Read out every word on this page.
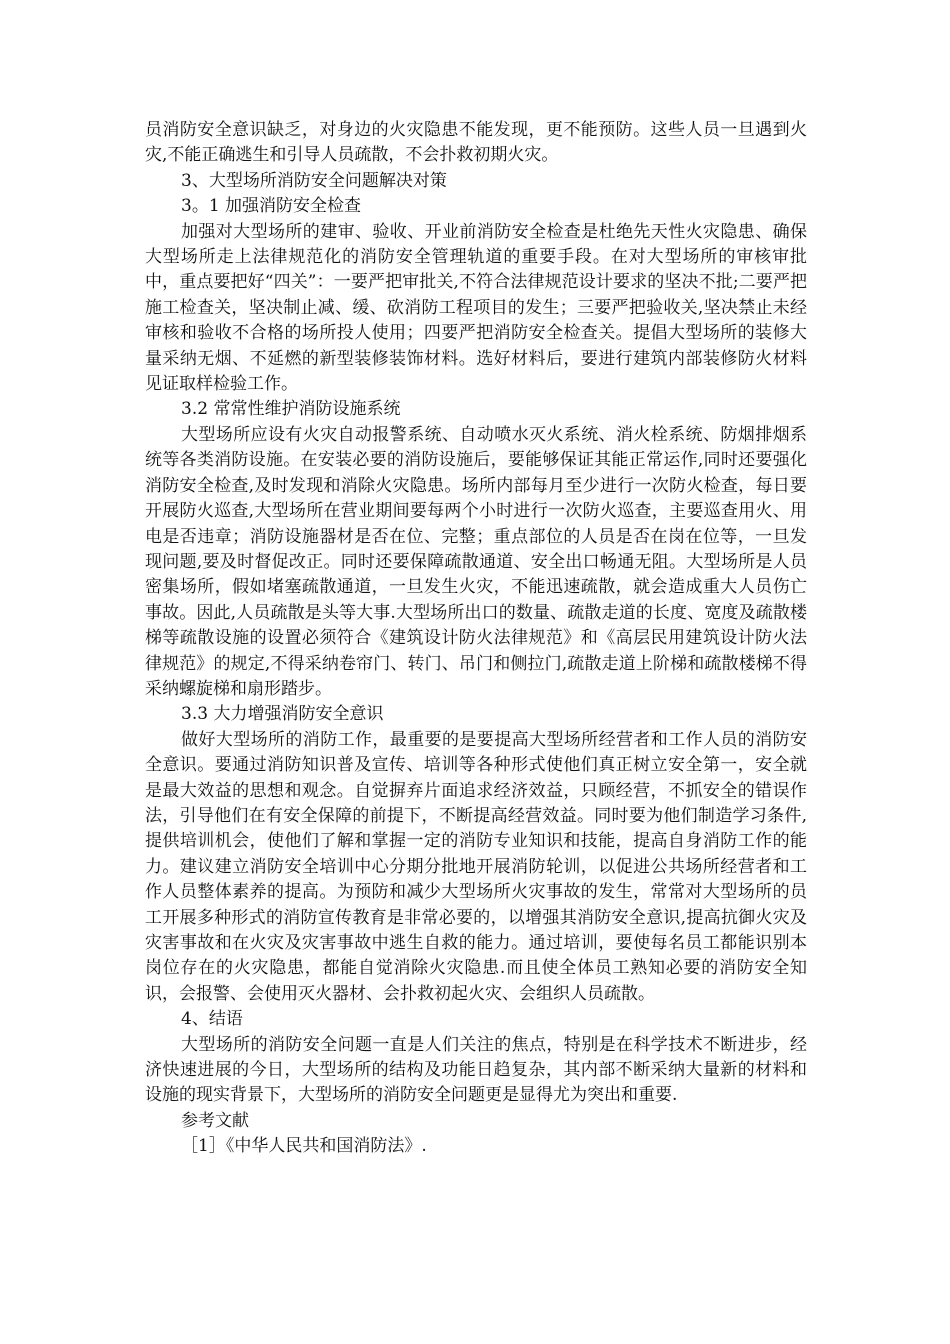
员消防安全意识缺乏，对身边的火灾隐患不能发现，更不能预防。这些人员一旦遇到火灾,不能正确逃生和引导人员疏散，不会扑救初期火灾。

3、大型场所消防安全问题解决对策

3。1 加强消防安全检查

加强对大型场所的建审、验收、开业前消防安全检查是杜绝先天性火灾隐患、确保大型场所走上法律规范化的消防安全管理轨道的重要手段。在对大型场所的审核审批中，重点要把好“四关”：一要严把审批关,不符合法律规范设计要求的坚决不批;二要严把施工检查关，坚决制止减、缓、砍消防工程项目的发生；三要严把验收关,坚决禁止未经审核和验收不合格的场所投人使用；四要严把消防安全检查关。提倡大型场所的装修大量采纳无烟、不延燃的新型装修装饰材料。选好材料后，要进行建筑内部装修防火材料见证取样检验工作。

3.2 常常性维护消防设施系统

大型场所应设有火灾自动报警系统、自动喷水灭火系统、消火栓系统、防烟排烟系统等各类消防设施。在安装必要的消防设施后，要能够保证其能正常运作,同时还要强化消防安全检查,及时发现和消除火灾隐患。场所内部每月至少进行一次防火检查，每日要开展防火巡查,大型场所在营业期间要每两个小时进行一次防火巡查，主要巡查用火、用电是否违章；消防设施器材是否在位、完整；重点部位的人员是否在岗在位等，一旦发现问题,要及时督促改正。同时还要保障疏散通道、安全出口畅通无阻。大型场所是人员密集场所，假如堵塞疏散通道，一旦发生火灾，不能迅速疏散，就会造成重大人员伤亡事故。因此,人员疏散是头等大事.大型场所出口的数量、疏散走道的长度、宽度及疏散楼梯等疏散设施的设置必须符合《建筑设计防火法律规范》和《高层民用建筑设计防火法律规范》的规定,不得采纳卷帘门、转门、吊门和侧拉门,疏散走道上阶梯和疏散楼梯不得采纳螺旋梯和扇形踏步。

3.3 大力增强消防安全意识

做好大型场所的消防工作，最重要的是要提高大型场所经营者和工作人员的消防安全意识。要通过消防知识普及宣传、培训等各种形式使他们真正树立安全第一，安全就是最大效益的思想和观念。自觉摒弃片面追求经济效益，只顾经营，不抓安全的错误作法，引导他们在有安全保障的前提下，不断提高经营效益。同时要为他们制造学习条件,提供培训机会，使他们了解和掌握一定的消防专业知识和技能，提高自身消防工作的能力。建议建立消防安全培训中心分期分批地开展消防轮训，以促进公共场所经营者和工作人员整体素养的提高。为预防和减少大型场所火灾事故的发生，常常对大型场所的员工开展多种形式的消防宣传教育是非常必要的，以增强其消防安全意识,提高抗御火灾及灾害事故和在火灾及灾害事故中逃生自救的能力。通过培训，要使每名员工都能识别本岗位存在的火灾隐患，都能自觉消除火灾隐患.而且使全体员工熟知必要的消防安全知识，会报警、会使用灭火器材、会扑救初起火灾、会组织人员疏散。

4、结语

大型场所的消防安全问题一直是人们关注的焦点，特别是在科学技术不断进步，经济快速进展的今日，大型场所的结构及功能日趋复杂，其内部不断采纳大量新的材料和设施的现实背景下，大型场所的消防安全问题更是显得尤为突出和重要.

参考文献

［1］《中华人民共和国消防法》.
